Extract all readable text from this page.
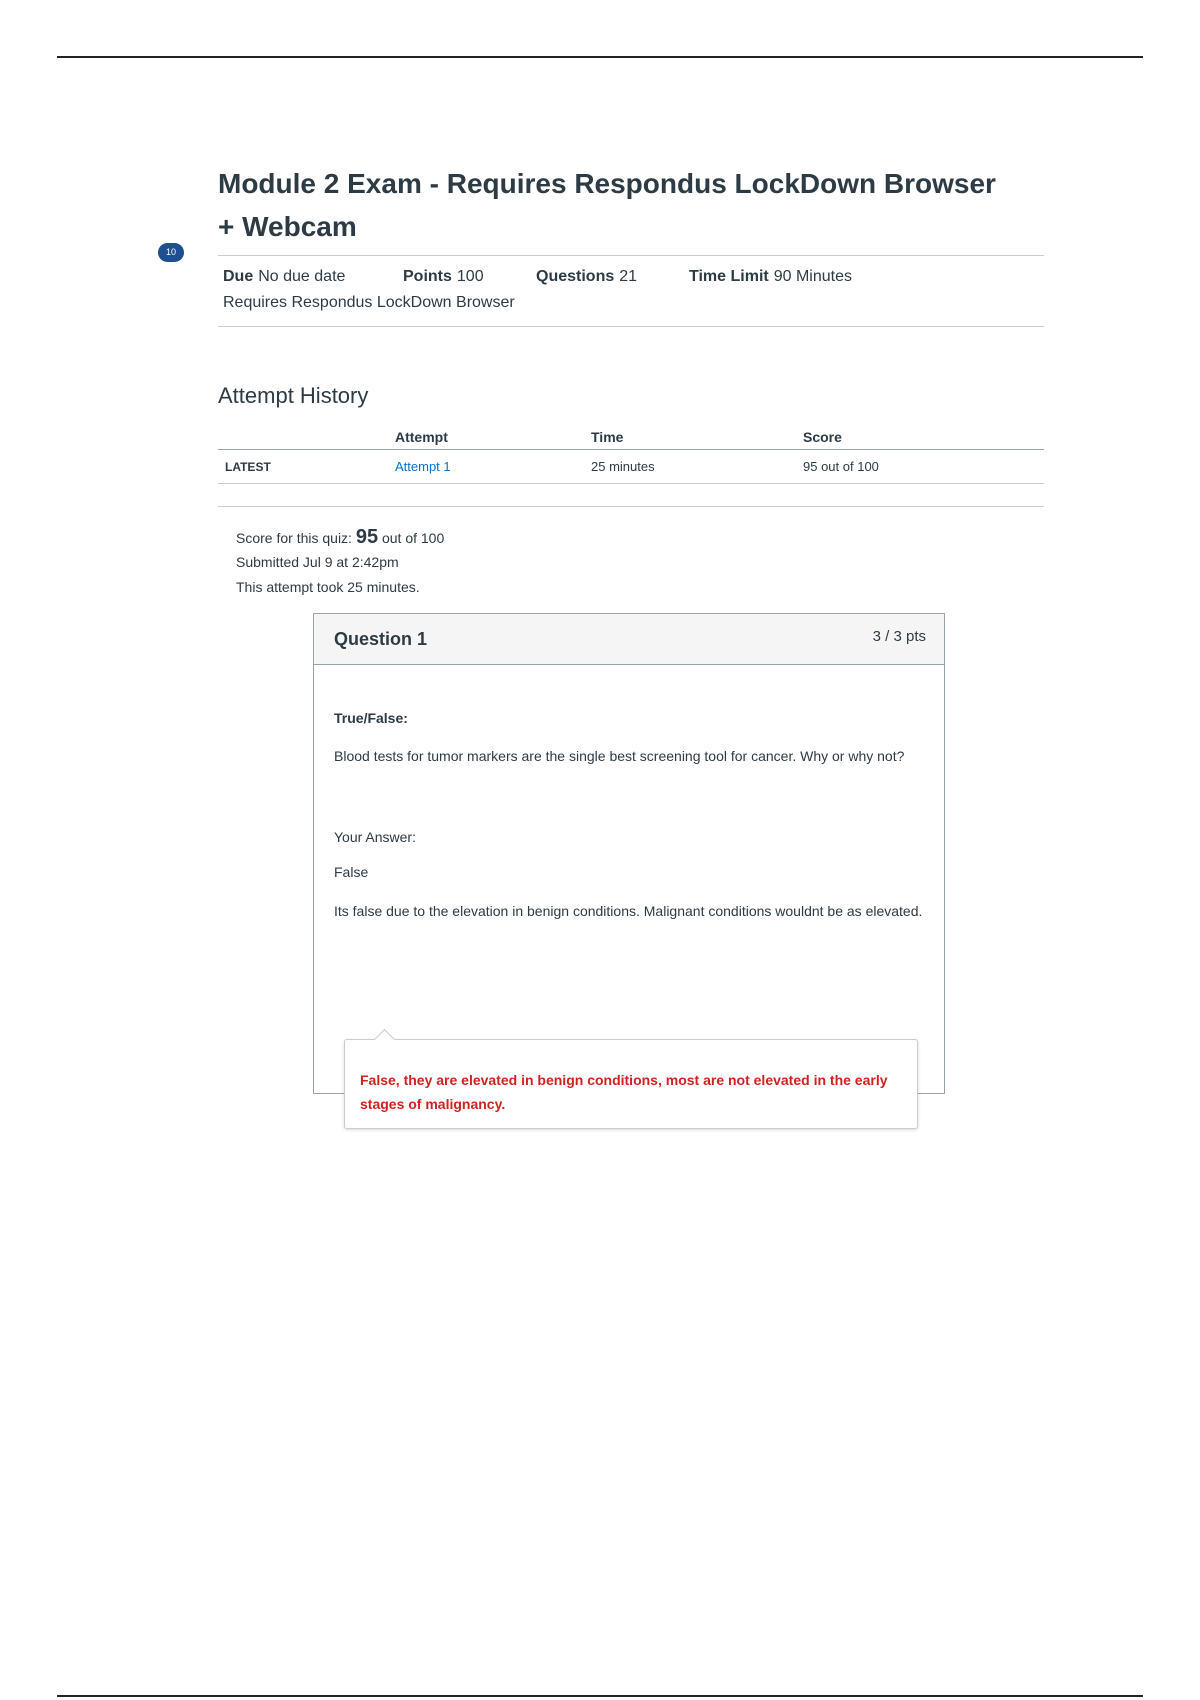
10
Module 2 Exam - Requires Respondus LockDown Browser + Webcam
Due No due date	Points 100	Questions 21	Time Limit 90 Minutes
Requires Respondus LockDown Browser
Attempt History
	Attempt	Time	Score
LATEST	Attempt 1	25 minutes	95 out of 100
Score for this quiz: 95 out of 100
Submitted Jul 9 at 2:42pm
This attempt took 25 minutes.
Question 1	3 / 3 pts
True/False:
Blood tests for tumor markers are the single best screening tool for cancer. Why or why not?
Your Answer:
False
Its false due to the elevation in benign conditions. Malignant conditions wouldnt be as elevated.
False, they are elevated in benign conditions, most are not elevated in the early stages of malignancy.
